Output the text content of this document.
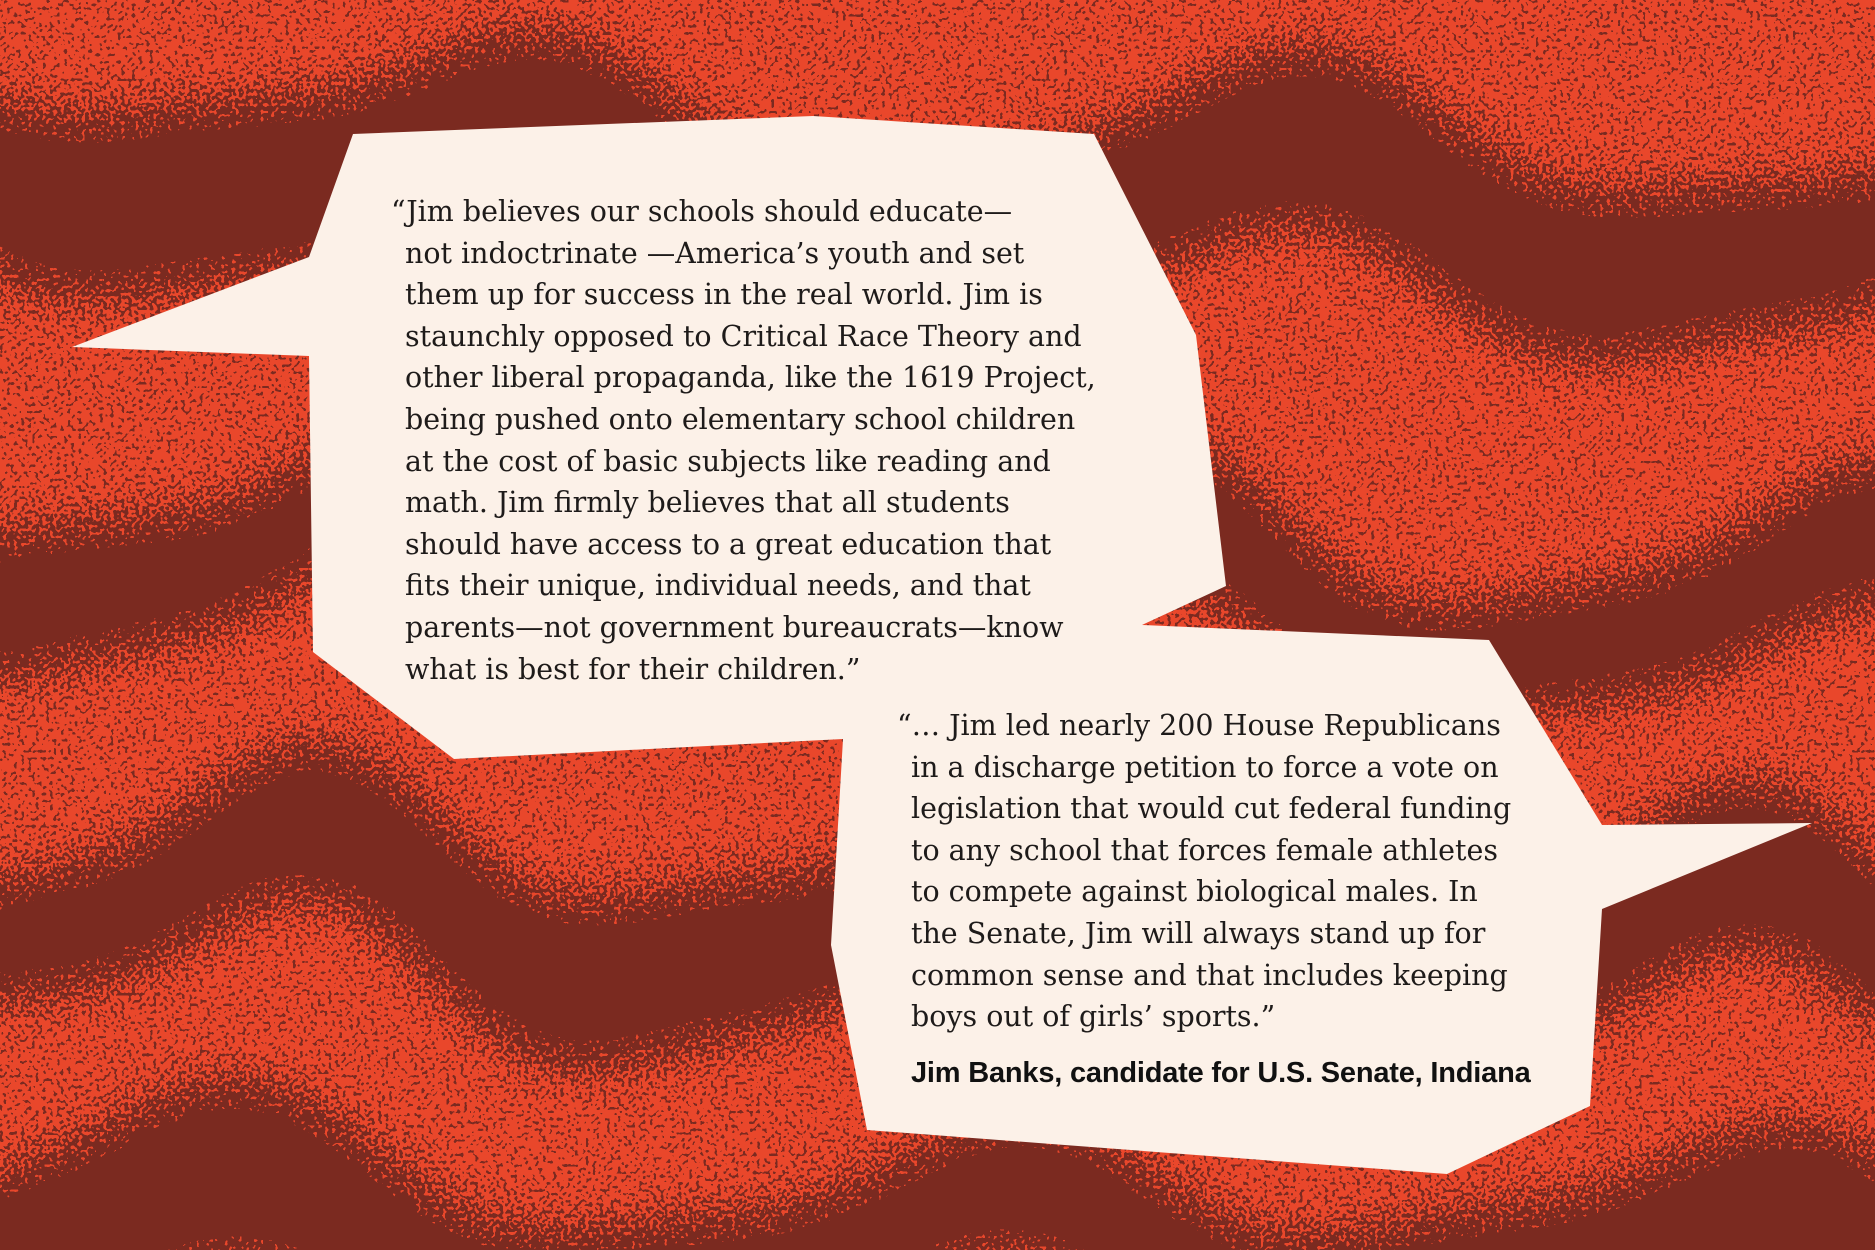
“Jim believes our schools should educate—
not indoctrinate —America’s youth and set
them up for success in the real world. Jim is
staunchly opposed to Critical Race Theory and
other liberal propaganda, like the 1619 Project,
being pushed onto elementary school children
at the cost of basic subjects like reading and
math. Jim firmly believes that all students
should have access to a great education that
fits their unique, individual needs, and that
parents—not government bureaucrats—know
what is best for their children.”
“… Jim led nearly 200 House Republicans
in a discharge petition to force a vote on
legislation that would cut federal funding
to any school that forces female athletes
to compete against biological males. In
the Senate, Jim will always stand up for
common sense and that includes keeping
boys out of girls’ sports.”
Jim Banks, candidate for U.S. Senate, Indiana
